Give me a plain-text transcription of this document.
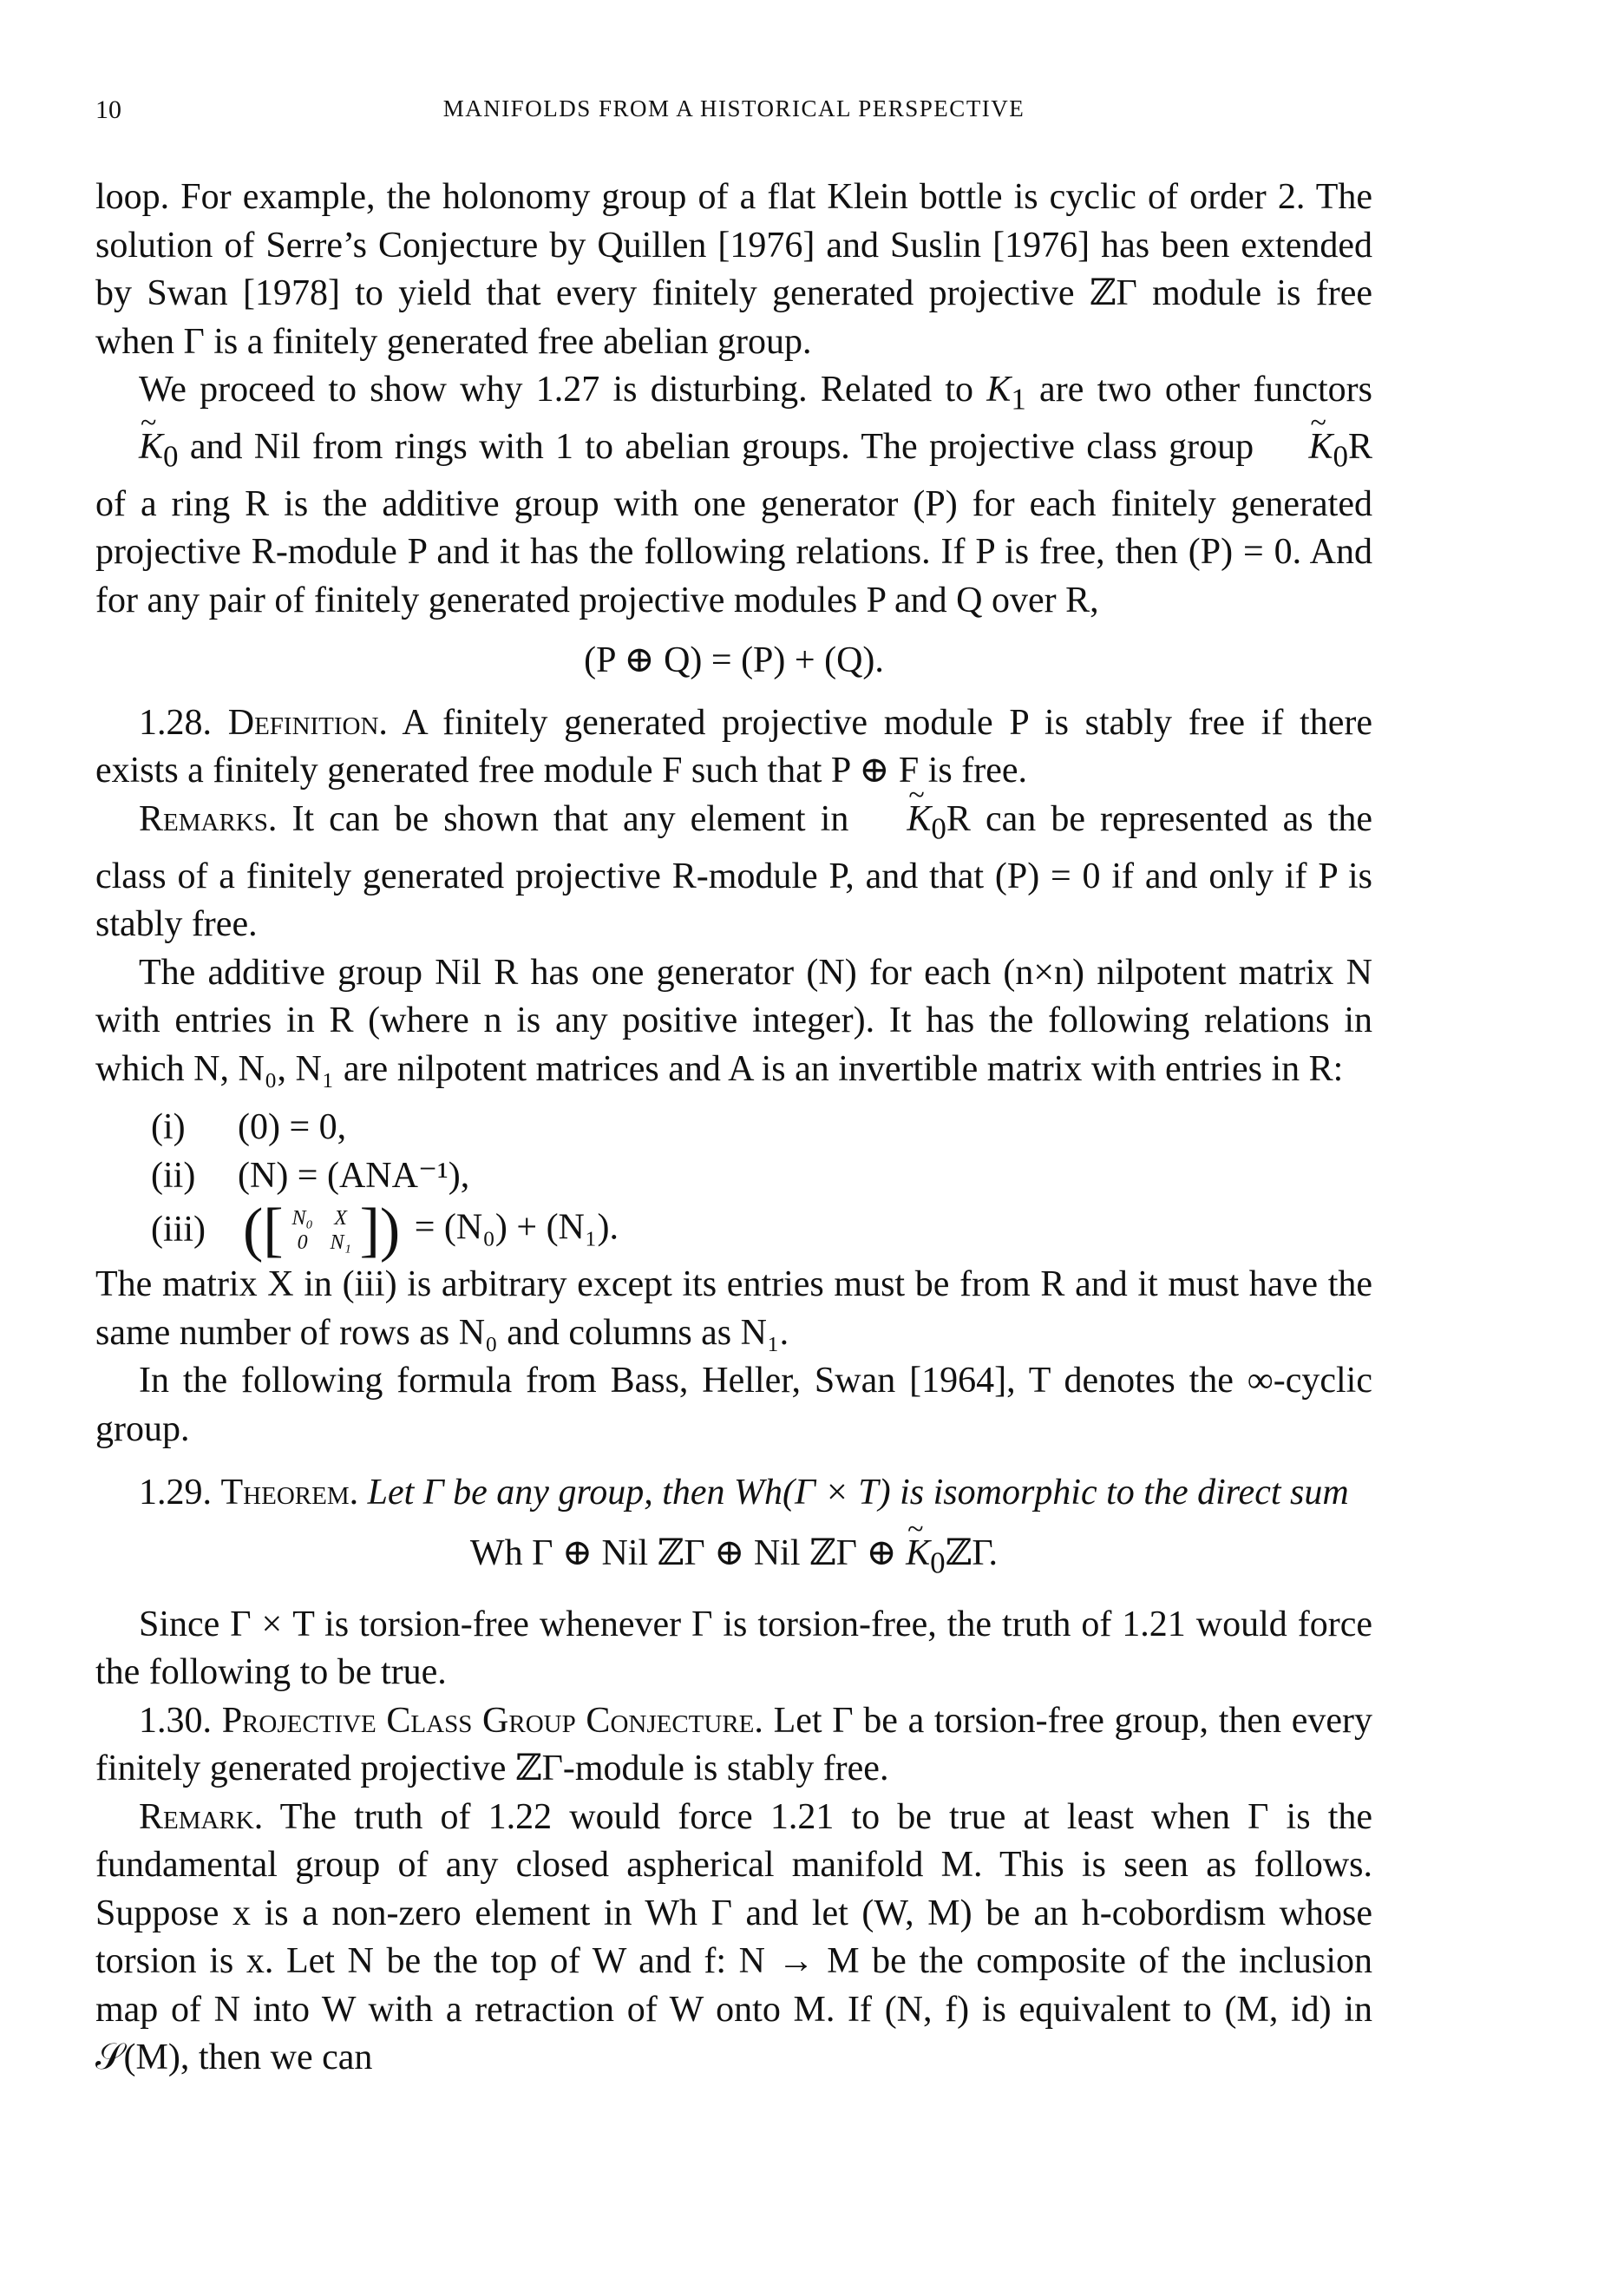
10	MANIFOLDS FROM A HISTORICAL PERSPECTIVE

loop. For example, the holonomy group of a flat Klein bottle is cyclic of order 2. The solution of Serre’s Conjecture by Quillen [1976] and Suslin [1976] has been extended by Swan [1978] to yield that every finitely generated projective ℤΓ module is free when Γ is a finitely generated free abelian group.

We proceed to show why 1.27 is disturbing. Related to $K_1$ are two other functors ~ $K_0$ and Nil from rings with 1 to abelian groups. The projective class group ~ $K_0R$ of a ring R is the additive group with one generator (P) for each finitely generated projective R-module P and it has the following relations. If P is free, then (P) = 0. And for any pair of finitely generated projective modules P and Q over R,

(P ⊕ Q) = (P) + (Q).

1.28. Definition. A finitely generated projective module P is stably free if there exists a finitely generated free module F such that P ⊕ F is free.

Remarks. It can be shown that any element in ~ $K_0R$ can be represented as the class of a finitely generated projective R-module P, and that (P) = 0 if and only if P is stably free.

The additive group Nil R has one generator (N) for each (n×n) nilpotent matrix N with entries in R (where n is any positive integer). It has the following relations in which N, N₀, N₁ are nilpotent matrices and A is an invertible matrix with entries in R:

(i)	(0) = 0,
(ii)	(N) = (ANA⁻¹),
(iii) ([ N₀ X
0	N₁ ]) = (N₀) + (N₁).

The matrix X in (iii) is arbitrary except its entries must be from R and it must have the same number of rows as N₀ and columns as N₁.

In the following formula from Bass, Heller, Swan [1964], T denotes the ∞-cyclic group.

1.29. Theorem. Let Γ be any group, then Wh(Γ × T) is isomorphic to the direct sum

Wh Γ ⊕ Nil ℤΓ ⊕ Nil ℤΓ ⊕ ~ $K_0ℤ\Gamma$.

Since Γ × T is torsion-free whenever Γ is torsion-free, the truth of 1.21 would force the following to be true.

1.30. Projective Class Group Conjecture. Let Γ be a torsion-free group, then every finitely generated projective ℤΓ-module is stably free.

Remark. The truth of 1.22 would force 1.21 to be true at least when Γ is the fundamental group of any closed aspherical manifold M. This is seen as follows. Suppose x is a non-zero element in Wh Γ and let (W, M) be an h-cobordism whose torsion is x. Let N be the top of W and f: N → M be the composite of the inclusion map of N into W with a retraction of W onto M. If (N, f) is equivalent to (M, id) in 𝒮(M), then we can
